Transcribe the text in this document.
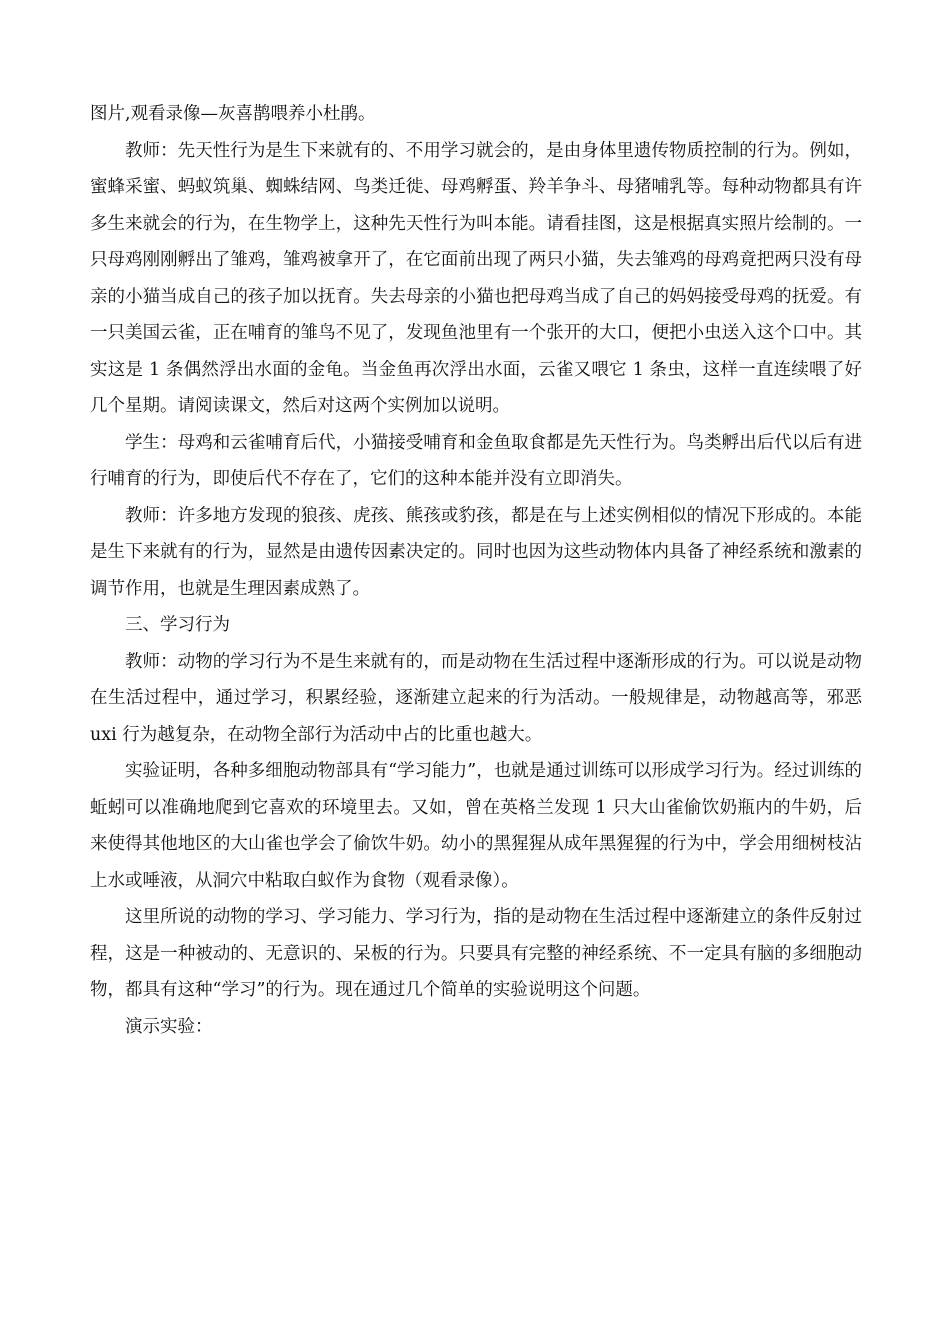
图片,观看录像—灰喜鹊喂养小杜鹃。

教师：先天性行为是生下来就有的、不用学习就会的，是由身体里遗传物质控制的行为。例如，蜜蜂采蜜、蚂蚁筑巢、蜘蛛结网、鸟类迁徙、母鸡孵蛋、羚羊争斗、母猪哺乳等。每种动物都具有许多生来就会的行为，在生物学上，这种先天性行为叫本能。请看挂图，这是根据真实照片绘制的。一只母鸡刚刚孵出了雏鸡，雏鸡被拿开了，在它面前出现了两只小猫，失去雏鸡的母鸡竟把两只没有母亲的小猫当成自己的孩子加以抚育。失去母亲的小猫也把母鸡当成了自己的妈妈接受母鸡的抚爱。有一只美国云雀，正在哺育的雏鸟不见了，发现鱼池里有一个张开的大口，便把小虫送入这个口中。其实这是 1 条偶然浮出水面的金龟。当金鱼再次浮出水面，云雀又喂它 1 条虫，这样一直连续喂了好几个星期。请阅读课文，然后对这两个实例加以说明。

学生：母鸡和云雀哺育后代，小猫接受哺育和金鱼取食都是先天性行为。鸟类孵出后代以后有进行哺育的行为，即使后代不存在了，它们的这种本能并没有立即消失。

教师：许多地方发现的狼孩、虎孩、熊孩或豹孩，都是在与上述实例相似的情况下形成的。本能是生下来就有的行为，显然是由遗传因素决定的。同时也因为这些动物体内具备了神经系统和激素的调节作用，也就是生理因素成熟了。

三、学习行为

教师：动物的学习行为不是生来就有的，而是动物在生活过程中逐渐形成的行为。可以说是动物在生活过程中，通过学习，积累经验，逐渐建立起来的行为活动。一般规律是，动物越高等，邪恶 uxi 行为越复杂，在动物全部行为活动中占的比重也越大。

实验证明，各种多细胞动物部具有“学习能力”，也就是通过训练可以形成学习行为。经过训练的蚯蚓可以准确地爬到它喜欢的环境里去。又如，曾在英格兰发现 1 只大山雀偷饮奶瓶内的牛奶，后来使得其他地区的大山雀也学会了偷饮牛奶。幼小的黑猩猩从成年黑猩猩的行为中，学会用细树枝沾上水或唾液，从洞穴中粘取白蚁作为食物（观看录像）。

这里所说的动物的学习、学习能力、学习行为，指的是动物在生活过程中逐渐建立的条件反射过程，这是一种被动的、无意识的、呆板的行为。只要具有完整的神经系统、不一定具有脑的多细胞动物，都具有这种“学习”的行为。现在通过几个简单的实验说明这个问题。

演示实验：
